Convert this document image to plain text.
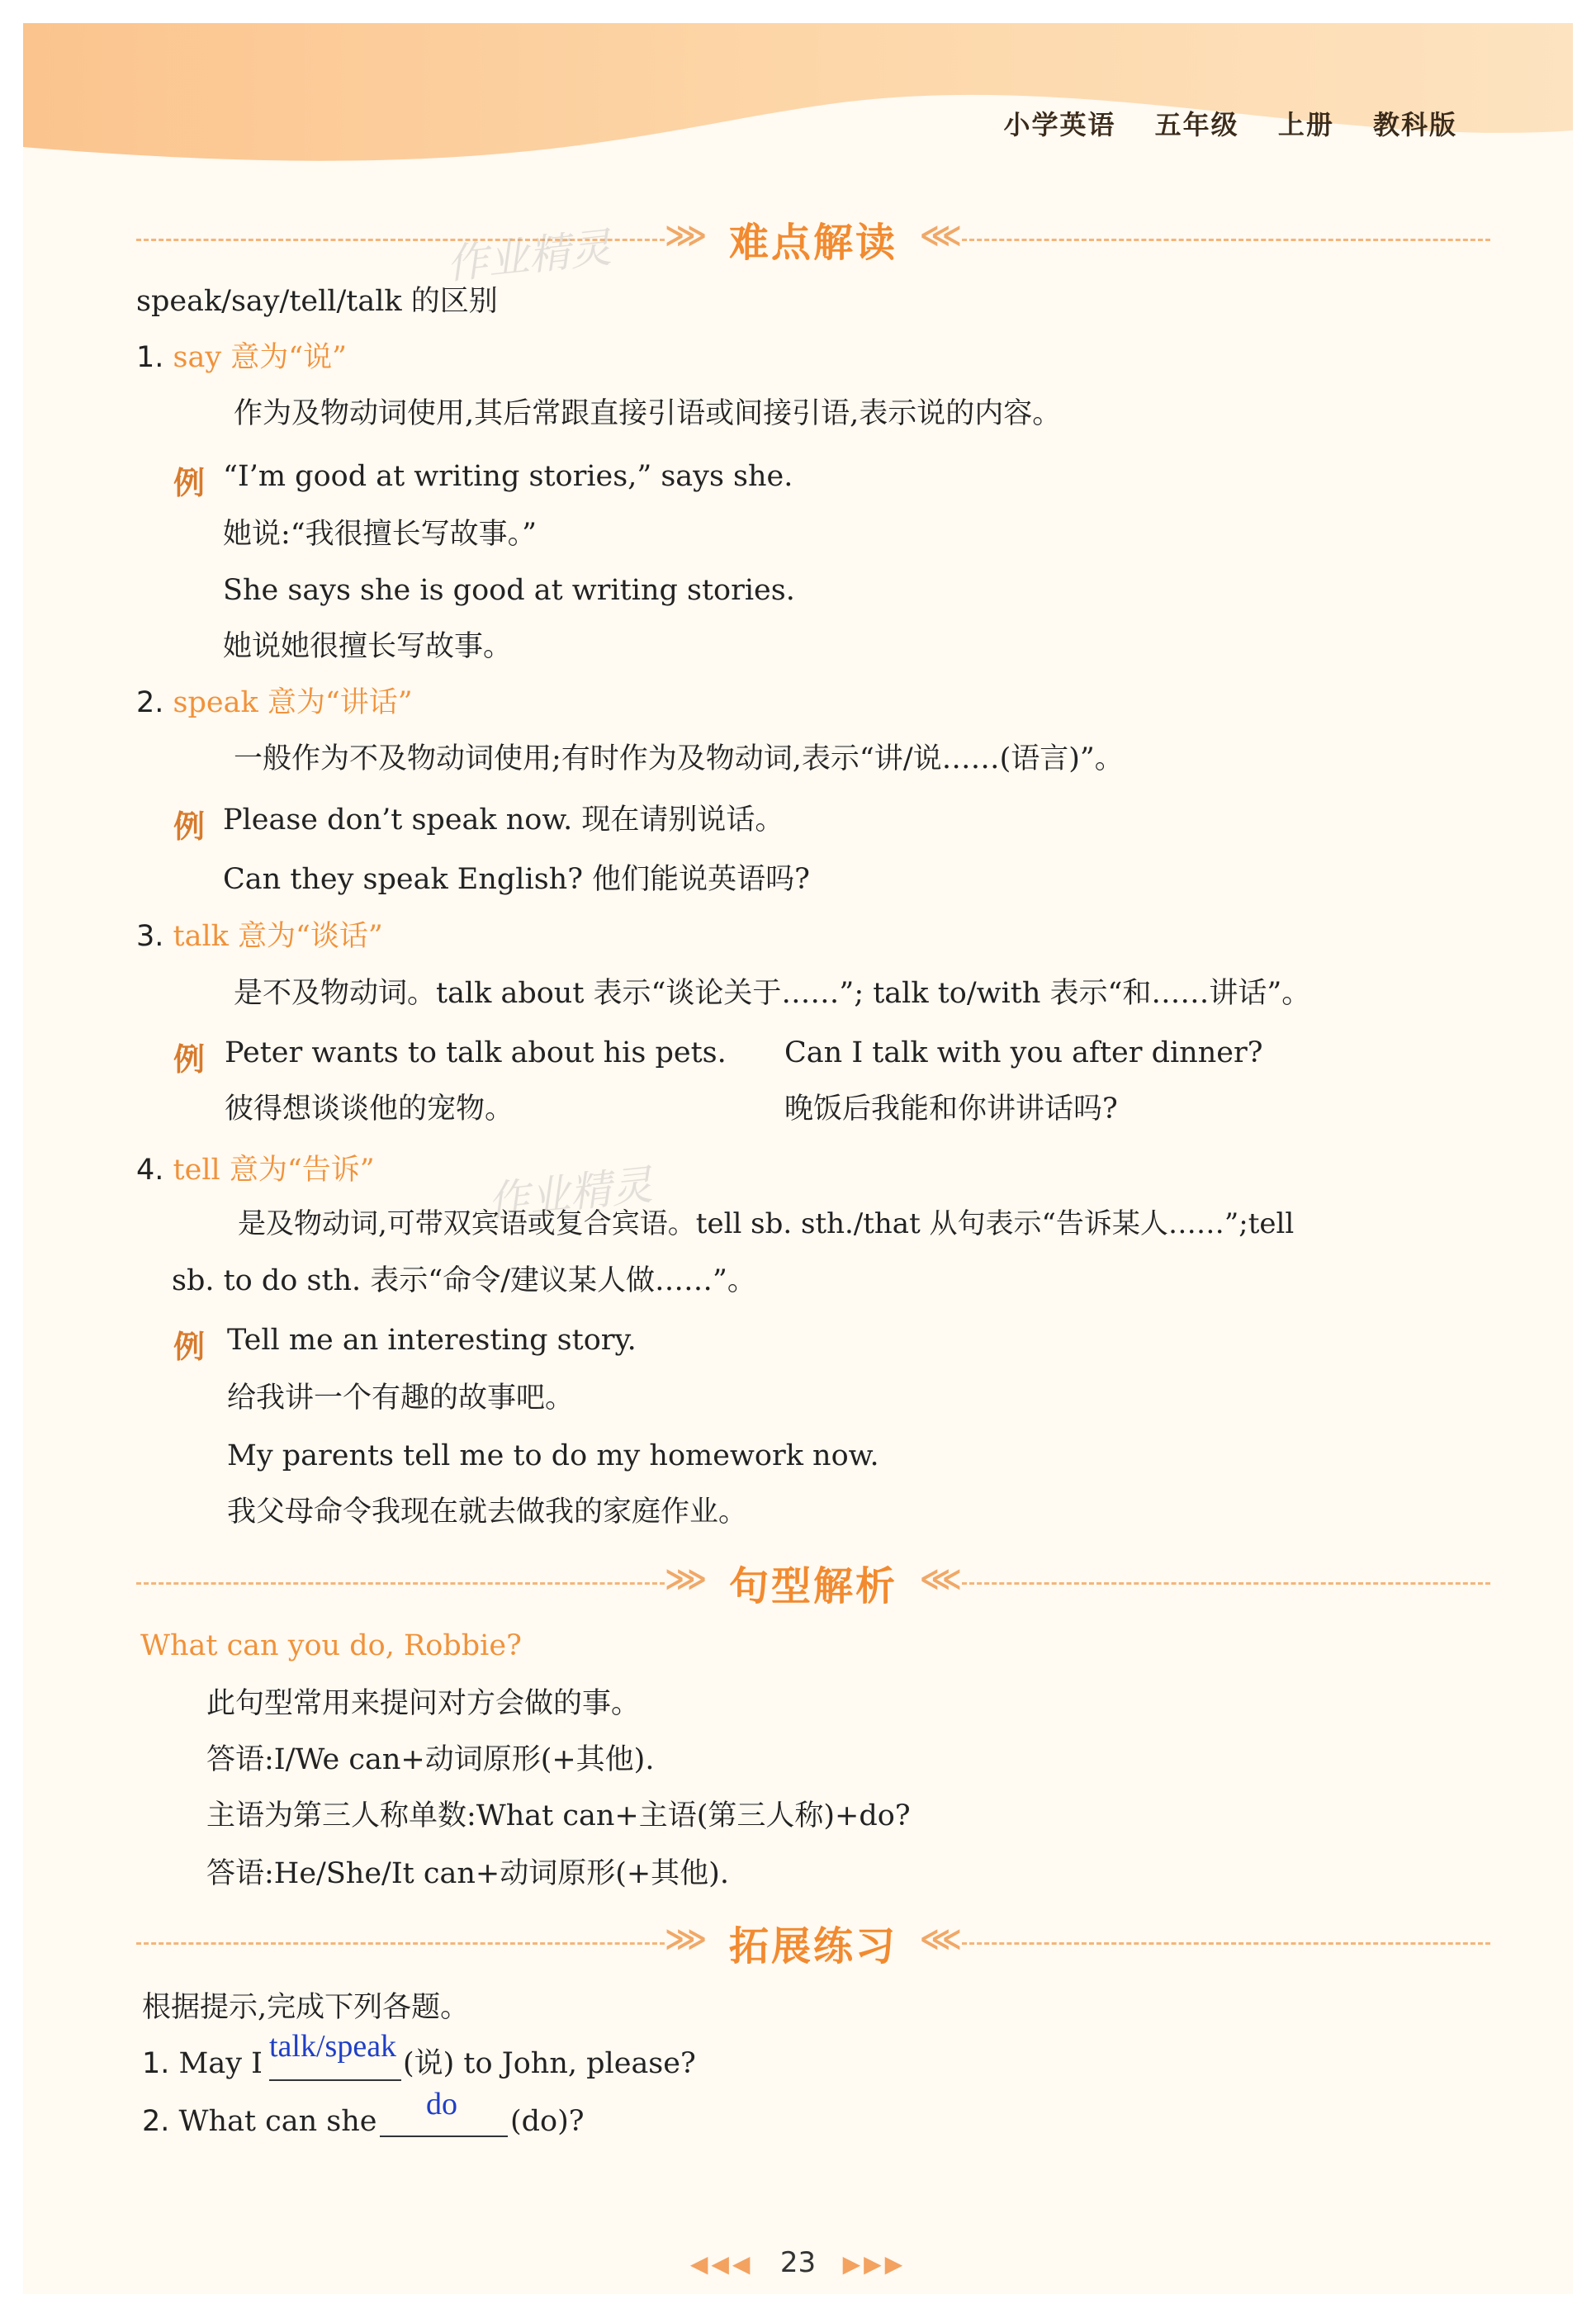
小学英语 五年级 上册 教科版
⋙ 难点解读 ⋘
作业精灵
speak/say/tell/talk 的区别
1. say 意为“说”
作为及物动词使用,其后常跟直接引语或间接引语,表示说的内容。
例 “I’m good at writing stories,” says she.
她说:“我很擅长写故事。”
She says she is good at writing stories.
她说她很擅长写故事。
2. speak 意为“讲话”
一般作为不及物动词使用;有时作为及物动词,表示“讲/说……(语言)”。
例 Please don’t speak now. 现在请别说话。
Can they speak English? 他们能说英语吗?
3. talk 意为“谈话”
是不及物动词。talk about 表示“谈论关于……”; talk to/with 表示“和……讲话”。
例 Peter wants to talk about his pets.
彼得想谈谈他的宠物。
Can I talk with you after dinner?
晚饭后我能和你讲讲话吗?
4. tell 意为“告诉”	作业精灵
是及物动词,可带双宾语或复合宾语。tell sb. sth./that 从句表示“告诉某人……”;tell
sb. to do sth. 表示“命令/建议某人做……”。
例 Tell me an interesting story.
给我讲一个有趣的故事吧。
My parents tell me to do my homework now.
我父母命令我现在就去做我的家庭作业。
⋙ 句型解析 ⋘
What can you do, Robbie?
此句型常用来提问对方会做的事。
答语:I/We can+动词原形(+其他).
主语为第三人称单数:What can+主语(第三人称)+do?
答语:He/She/It can+动词原形(+其他).
⋙ 拓展练习 ⋘
根据提示,完成下列各题。
1. May I talk/speak (说) to John, please?
2. What can she do (do)?
◀◀◀ 23 ▶▶▶
